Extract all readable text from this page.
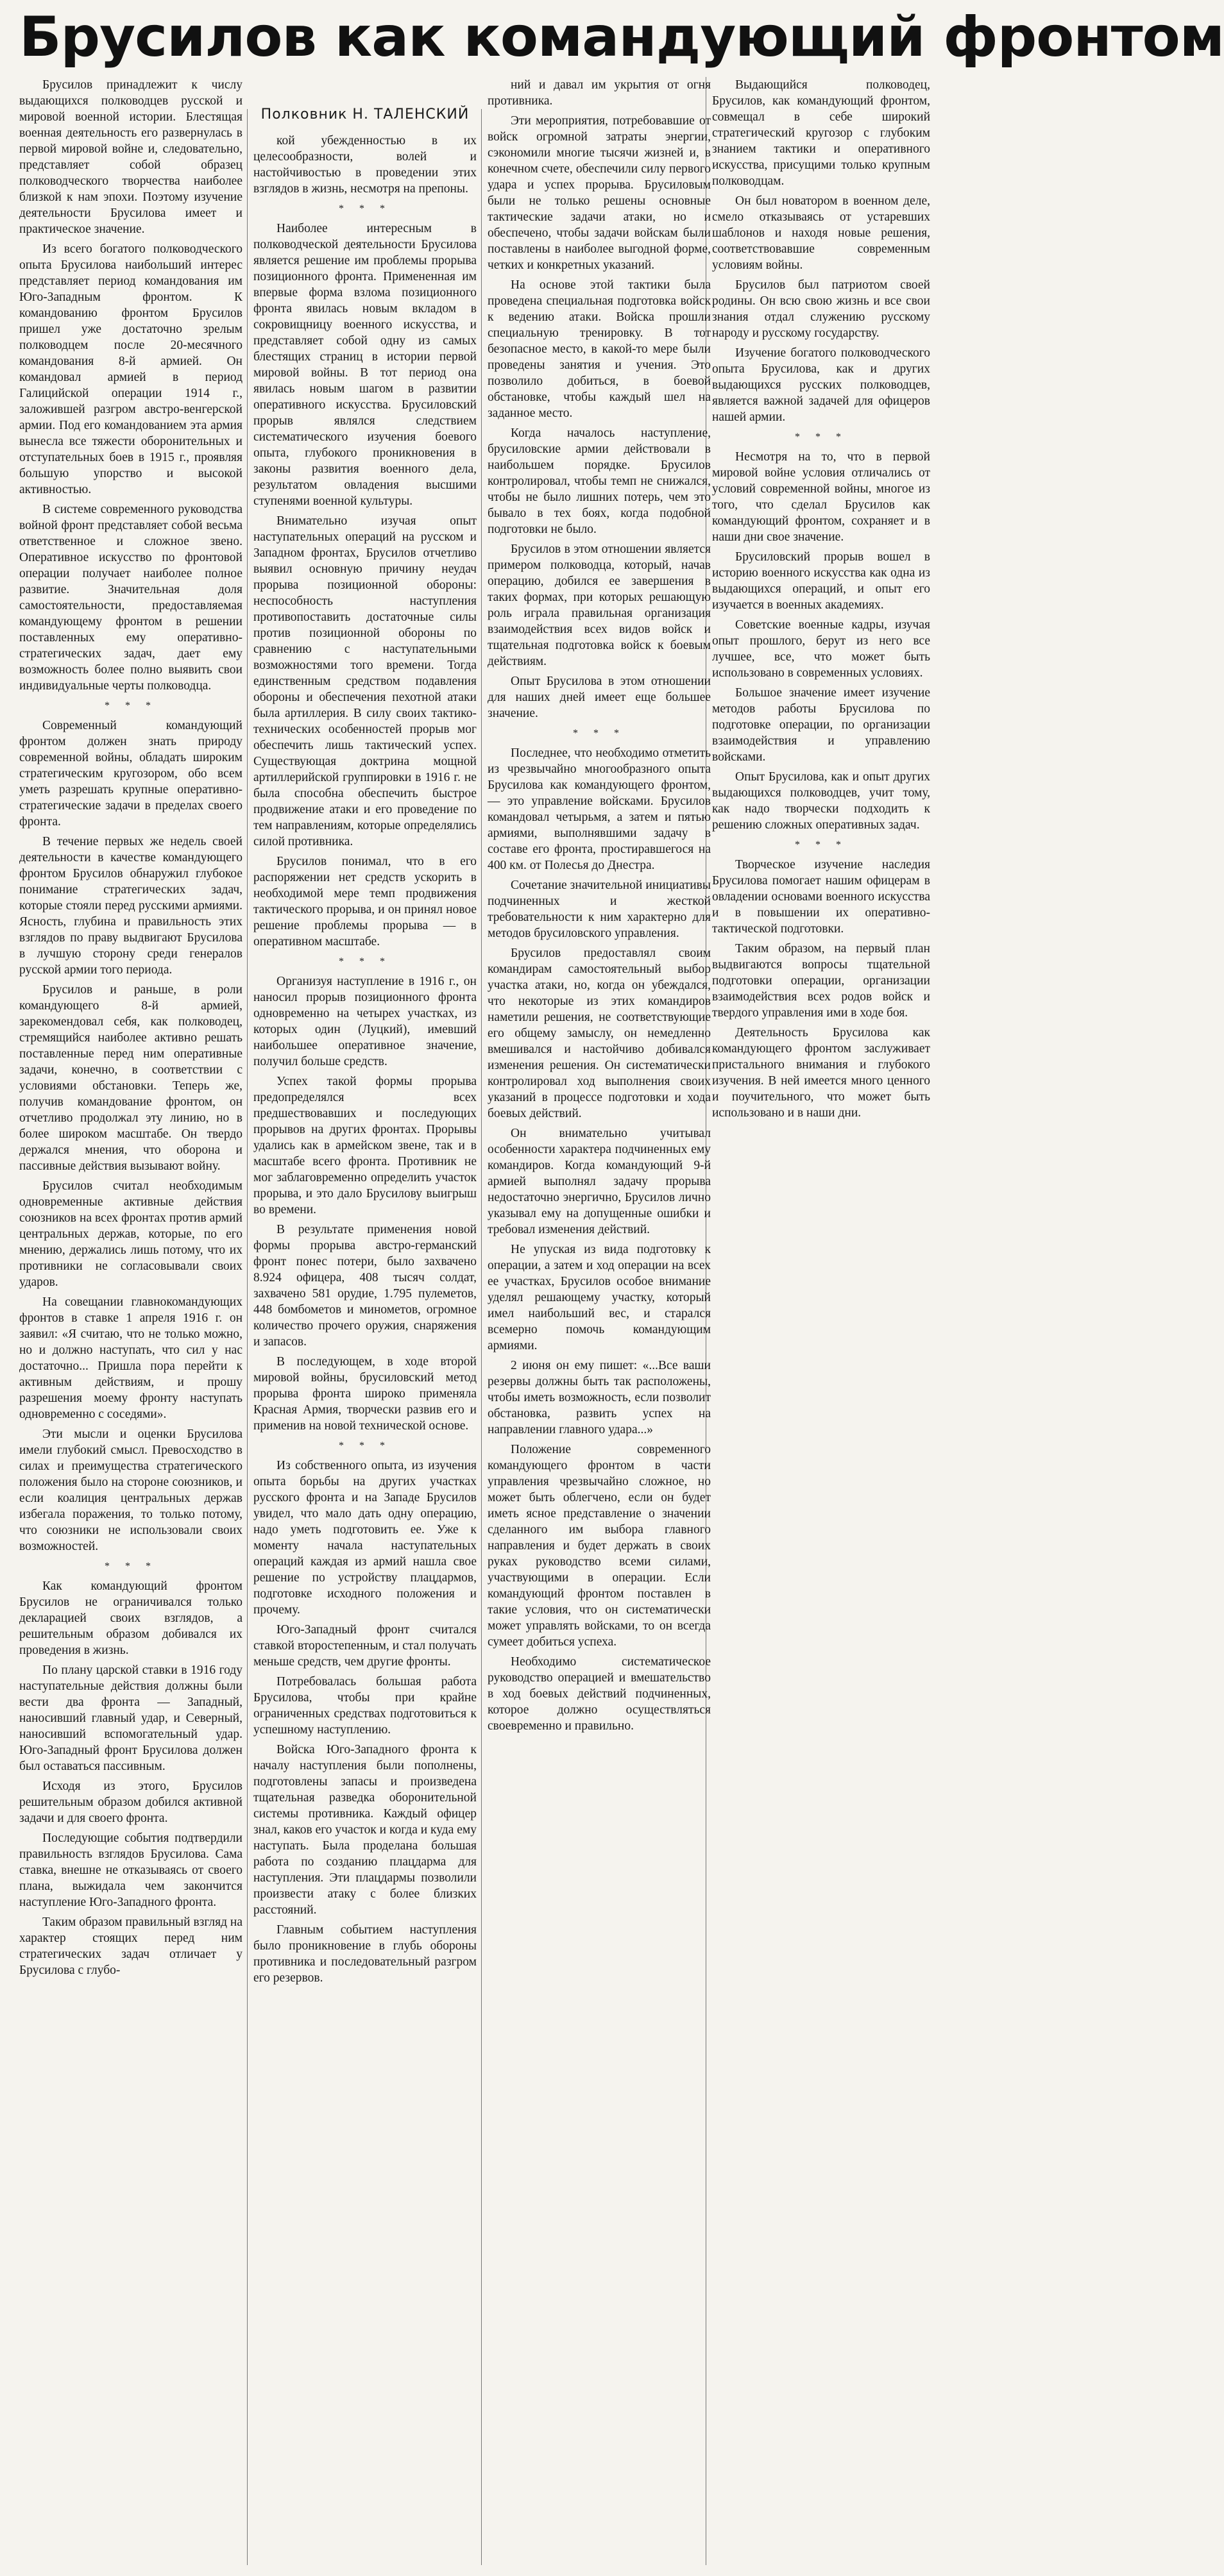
Брусилов как командующий фронтом

Брусилов принадлежит к числу выдающихся полководцев русской и мировой военной истории. Блестящая военная деятельность его развернулась в первой мировой войне и, следовательно, представляет собой образец полководческого творчества наиболее близкой к нам эпохи. Поэтому изучение деятельности Брусилова имеет и практическое значение.

Из всего богатого полководческого опыта Брусилова наибольший интерес представляет период командования им Юго-Западным фронтом. К командованию фронтом Брусилов пришел уже достаточно зрелым полководцем после 20-месячного командования 8-й армией. Он командовал армией в период Галицийской операции 1914 г., заложившей разгром австро-венгерской армии. Под его командованием эта армия вынесла все тяжести оборонительных и отступательных боев в 1915 г., проявляя большую упорство и высокой активностью.

В системе современного руководства войной фронт представляет собой весьма ответственное и сложное звено. Оперативное искусство по фронтовой операции получает наиболее полное развитие. Значительная доля самостоятельности, предоставляемая командующему фронтом в решении поставленных ему оперативно-стратегических задач, дает ему возможность более полно выявить свои индивидуальные черты полководца.

* * *

Современный командующий фронтом должен знать природу современной войны, обладать широким стратегическим кругозором, обо всем уметь разрешать крупные оперативно-стратегические задачи в пределах своего фронта.

В течение первых же недель своей деятельности в качестве командующего фронтом Брусилов обнаружил глубокое понимание стратегических задач, которые стояли перед русскими армиями. Ясность, глубина и правильность этих взглядов по праву выдвигают Брусилова в лучшую сторону среди генералов русской армии того периода.

Брусилов и раньше, в роли командующего 8-й армией, зарекомендовал себя, как полководец, стремящийся наиболее активно решать поставленные перед ним оперативные задачи, конечно, в соответствии с условиями обстановки. Теперь же, получив командование фронтом, он отчетливо продолжал эту линию, но в более широком масштабе. Он твердо держался мнения, что оборона и пассивные действия вызывают войну.

Брусилов считал необходимым одновременные активные действия союзников на всех фронтах против армий центральных держав, которые, по его мнению, держались лишь потому, что их противники не согласовывали своих ударов.

На совещании главнокомандующих фронтов в ставке 1 апреля 1916 г. он заявил: «Я считаю, что не только можно, но и должно наступать, что сил у нас достаточно... Пришла пора перейти к активным действиям, и прошу разрешения моему фронту наступать одновременно с соседями».

Эти мысли и оценки Брусилова имели глубокий смысл. Превосходство в силах и преимущества стратегического положения было на стороне союзников, и если коалиция центральных держав избегала поражения, то только потому, что союзники не использовали своих возможностей.

* * *

Как командующий фронтом Брусилов не ограничивался только декларацией своих взглядов, а решительным образом добивался их проведения в жизнь.

По плану царской ставки в 1916 году наступательные действия должны были вести два фронта — Западный, наносивший главный удар, и Северный, наносивший вспомогательный удар. Юго-Западный фронт Брусилова должен был оставаться пассивным.

Исходя из этого, Брусилов решительным образом добился активной задачи и для своего фронта.

Последующие события подтвердили правильность взглядов Брусилова. Сама ставка, внешне не отказываясь от своего плана, выжидала чем закончится наступление Юго-Западного фронта.

Таким образом правильный взгляд на характер стоящих перед ним стратегических задач отличает у Брусилова с глубо-

Полковник Н. ТАЛЕНСКИЙ

кой убежденностью в их целесообразности, волей и настойчивостью в проведении этих взглядов в жизнь, несмотря на препоны.

* * *

Наиболее интересным в полководческой деятельности Брусилова является решение им проблемы прорыва позиционного фронта. Примененная им впервые форма взлома позиционного фронта явилась новым вкладом в сокровищницу военного искусства, и представляет собой одну из самых блестящих страниц в истории первой мировой войны. В тот период она явилась новым шагом в развитии оперативного искусства. Брусиловский прорыв являлся следствием систематического изучения боевого опыта, глубокого проникновения в законы развития военного дела, результатом овладения высшими ступенями военной культуры.

Внимательно изучая опыт наступательных операций на русском и Западном фронтах, Брусилов отчетливо выявил основную причину неудач прорыва позиционной обороны: неспособность наступления противопоставить достаточные силы против позиционной обороны по сравнению с наступательными возможностями того времени. Тогда единственным средством подавления обороны и обеспечения пехотной атаки была артиллерия. В силу своих тактико-технических особенностей прорыв мог обеспечить лишь тактический успех. Существующая доктрина мощной артиллерийской группировки в 1916 г. не была способна обеспечить быстрое продвижение атаки и его проведение по тем направлениям, которые определялись силой противника.

Брусилов понимал, что в его распоряжении нет средств ускорить в необходимой мере темп продвижения тактического прорыва, и он принял новое решение проблемы прорыва — в оперативном масштабе.

* * *

Организуя наступление в 1916 г., он наносил прорыв позиционного фронта одновременно на четырех участках, из которых один (Луцкий), имевший наибольшее оперативное значение, получил больше средств.

Успех такой формы прорыва предопределялся всех предшествовавших и последующих прорывов на других фронтах. Прорывы удались как в армейском звене, так и в масштабе всего фронта. Противник не мог заблаговременно определить участок прорыва, и это дало Брусилову выигрыш во времени.

В результате применения новой формы прорыва австро-германский фронт понес потери, было захвачено 8.924 офицера, 408 тысяч солдат, захвачено 581 орудие, 1.795 пулеметов, 448 бомбометов и минометов, огромное количество прочего оружия, снаряжения и запасов.

В последующем, в ходе второй мировой войны, брусиловский метод прорыва фронта широко применяла Красная Армия, творчески развив его и применив на новой технической основе.

* * *

Из собственного опыта, из изучения опыта борьбы на других участках русского фронта и на Западе Брусилов увидел, что мало дать одну операцию, надо уметь подготовить ее. Уже к моменту начала наступательных операций каждая из армий нашла свое решение по устройству плацдармов, подготовке исходного положения и прочему.

Юго-Западный фронт считался ставкой второстепенным, и стал получать меньше средств, чем другие фронты.

Потребовалась большая работа Брусилова, чтобы при крайне ограниченных средствах подготовиться к успешному наступлению.

Войска Юго-Западного фронта к началу наступления были пополнены, подготовлены запасы и произведена тщательная разведка оборонительной системы противника. Каждый офицер знал, каков его участок и когда и куда ему наступать. Была проделана большая работа по созданию плацдарма для наступления. Эти плацдармы позволили произвести атаку с более близких расстояний.

Главным событием наступления было проникновение в глубь обороны противника и последовательный разгром его резервов.

ний и давал им укрытия от огня противника.

Эти мероприятия, потребовавшие от войск огромной затраты энергии, сэкономили многие тысячи жизней и, в конечном счете, обеспечили силу первого удара и успех прорыва. Брусиловым были не только решены основные тактические задачи атаки, но и обеспечено, чтобы задачи войскам были поставлены в наиболее выгодной форме, четких и конкретных указаний.

На основе этой тактики была проведена специальная подготовка войск к ведению атаки. Войска прошли специальную тренировку. В тот безопасное место, в какой-то мере были проведены занятия и учения. Это позволило добиться, в боевой обстановке, чтобы каждый шел на заданное место.

Когда началось наступление, брусиловские армии действовали в наибольшем порядке. Брусилов контролировал, чтобы темп не снижался, чтобы не было лишних потерь, чем это бывало в тех боях, когда подобной подготовки не было.

Брусилов в этом отношении является примером полководца, который, начав операцию, добился ее завершения в таких формах, при которых решающую роль играла правильная организация взаимодействия всех видов войск и тщательная подготовка войск к боевым действиям.

Опыт Брусилова в этом отношении для наших дней имеет еще большее значение.

* * *

Последнее, что необходимо отметить из чрезвычайно многообразного опыта Брусилова как командующего фронтом, — это управление войсками. Брусилов командовал четырьмя, а затем и пятью армиями, выполнявшими задачу в составе его фронта, простиравшегося на 400 км. от Полесья до Днестра.

Сочетание значительной инициативы подчиненных и жесткой требовательности к ним характерно для методов брусиловского управления.

Брусилов предоставлял своим командирам самостоятельный выбор участка атаки, но, когда он убеждался, что некоторые из этих командиров наметили решения, не соответствующие его общему замыслу, он немедленно вмешивался и настойчиво добивался изменения решения. Он систематически контролировал ход выполнения своих указаний в процессе подготовки и хода боевых действий.

Он внимательно учитывал особенности характера подчиненных ему командиров. Когда командующий 9-й армией выполнял задачу прорыва недостаточно энергично, Брусилов лично указывал ему на допущенные ошибки и требовал изменения действий.

Не упуская из вида подготовку к операции, а затем и ход операции на всех ее участках, Брусилов особое внимание уделял решающему участку, который имел наибольший вес, и старался всемерно помочь командующим армиями.

2 июня он ему пишет: «...Все ваши резервы должны быть так расположены, чтобы иметь возможность, если позволит обстановка, развить успех на направлении главного удара...»

Положение современного командующего фронтом в части управления чрезвычайно сложное, но может быть облегчено, если он будет иметь ясное представление о значении сделанного им выбора главного направления и будет держать в своих руках руководство всеми силами, участвующими в операции. Если командующий фронтом поставлен в такие условия, что он систематически может управлять войсками, то он всегда сумеет добиться успеха.

Необходимо систематическое руководство операцией и вмешательство в ход боевых действий подчиненных, которое должно осуществляться своевременно и правильно.

Выдающийся полководец, Брусилов, как командующий фронтом, совмещал в себе широкий стратегический кругозор с глубоким знанием тактики и оперативного искусства, присущими только крупным полководцам.

Он был новатором в военном деле, смело отказываясь от устаревших шаблонов и находя новые решения, соответствовавшие современным условиям войны.

Брусилов был патриотом своей родины. Он всю свою жизнь и все свои знания отдал служению русскому народу и русскому государству.

Изучение богатого полководческого опыта Брусилова, как и других выдающихся русских полководцев, является важной задачей для офицеров нашей армии.

* * *

Несмотря на то, что в первой мировой войне условия отличались от условий современной войны, многое из того, что сделал Брусилов как командующий фронтом, сохраняет и в наши дни свое значение.

Брусиловский прорыв вошел в историю военного искусства как одна из выдающихся операций, и опыт его изучается в военных академиях.

Советские военные кадры, изучая опыт прошлого, берут из него все лучшее, все, что может быть использовано в современных условиях.

Большое значение имеет изучение методов работы Брусилова по подготовке операции, по организации взаимодействия и управлению войсками.

Опыт Брусилова, как и опыт других выдающихся полководцев, учит тому, как надо творчески подходить к решению сложных оперативных задач.

* * *

Творческое изучение наследия Брусилова помогает нашим офицерам в овладении основами военного искусства и в повышении их оперативно-тактической подготовки.

Таким образом, на первый план выдвигаются вопросы тщательной подготовки операции, организации взаимодействия всех родов войск и твердого управления ими в ходе боя.

Деятельность Брусилова как командующего фронтом заслуживает пристального внимания и глубокого изучения. В ней имеется много ценного и поучительного, что может быть использовано и в наши дни.
